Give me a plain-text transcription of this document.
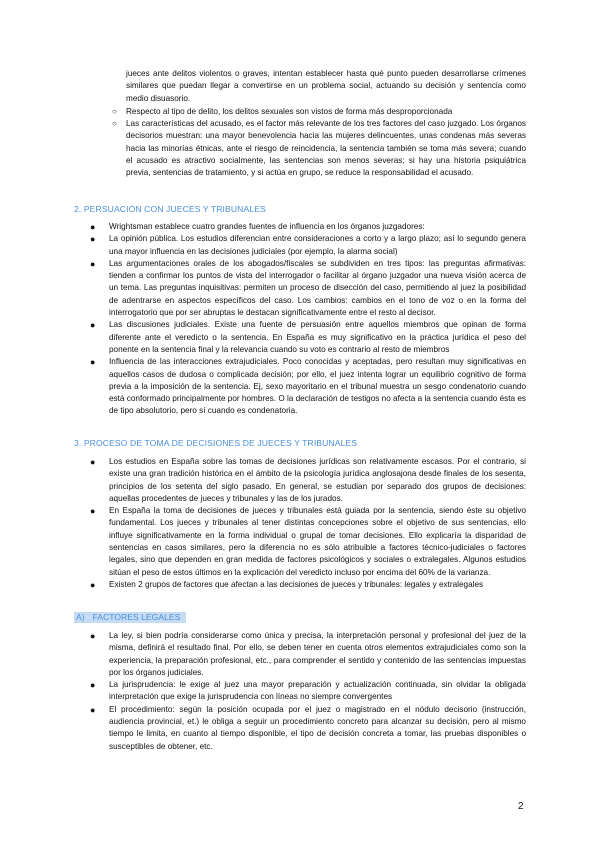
jueces ante delitos violentos o graves, intentan establecer hasta qué punto pueden desarrollarse crímenes similares que puedan llegar a convertirse en un problema social, actuando su decisión y sentencia como medio disuasorio.

○ Respecto al tipo de delito, los delitos sexuales son vistos de forma más desproporcionada

○ Las características del acusado, es el factor más relevante de los tres factores del caso juzgado. Los órganos decisorios muestran: una mayor benevolencia hacia las mujeres delincuentes, unas condenas más severas hacia las minorías étnicas, ante el riesgo de reincidencia, la sentencia también se toma más severa; cuando el acusado es atractivo socialmente, las sentencias son menos severas; si hay una historia psiquiátrica previa, sentencias de tratamiento, y si actúa en grupo, se reduce la responsabilidad el acusado.

2. PERSUACIÓN CON JUECES Y TRIBUNALES
● Wrightsman establece cuatro grandes fuentes de influencia en los órganos juzgadores:

● La opinión pública. Los estudios diferencian entre consideraciones a corto y a largo plazo; así lo segundo genera una mayor influencia en las decisiones judiciales (por ejemplo, la alarma social)

● Las argumentaciones orales de los abogados/fiscales se subdividen en tres tipos: las preguntas afirmativas: tienden a confirmar los puntos de vista del interrogador o facilitar al órgano juzgador una nueva visión acerca de un tema. Las preguntas inquisitivas: permiten un proceso de disección del caso, permitiendo al juez la posibilidad de adentrarse en aspectos específicos del caso. Los cambios: cambios en el tono de voz o en la forma del interrogatorio que por ser abruptas le destacan significativamente entre el resto al decisor.

● Las discusiones judiciales. Existe una fuente de persuasión entre aquellos miembros que opinan de forma diferente ante el veredicto o la sentencia. En España es muy significativo en la práctica jurídica el peso del ponente en la sentencia final y la relevancia cuando su voto es contrario al resto de miembros

● Influencia de las interacciones extrajudiciales. Poco conocidas y aceptadas, pero resultan muy significativas en aquellos casos de dudosa o complicada decisión; por ello, el juez intenta lograr un equilibrio cognitivo de forma previa a la imposición de la sentencia. Ej, sexo mayoritario en el tribunal muestra un sesgo condenatorio cuando está conformado principalmente por hombres. O la declaración de testigos no afecta a la sentencia cuando ésta es de tipo absolutorio, pero sí cuando es condenatoria.

3. PROCESO DE TOMA DE DECISIONES DE JUECES Y TRIBUNALES
● Los estudios en España sobre las tomas de decisiones jurídicas son relativamente escasos. Por el contrario, si existe una gran tradición histórica en el ámbito de la psicología jurídica anglosajona desde finales de los sesenta, principios de los setenta del siglo pasado. En general, se estudian por separado dos grupos de decisiones: aquellas procedentes de jueces y tribunales y las de los jurados.

● En España la toma de decisiones de jueces y tribunales está guiada por la sentencia, siendo éste su objetivo fundamental. Los jueces y tribunales al tener distintas concepciones sobre el objetivo de sus sentencias, ello influye significativamente en la forma individual o grupal de tomar decisiones. Ello explicaría la disparidad de sentencias en casos similares, pero la diferencia no es sólo atribuible a factores técnico-judiciales o factores legales, sino que dependen en gran medida de factores psicológicos y sociales o extralegales. Algunos estudios sitúan el peso de estos últimos en la explicación del veredicto incluso por encima del 60% de la varianza.

● Existen 2 grupos de factores que afectan a las decisiones de jueces y tribunales: legales y extralegales

A) FACTORES LEGALES
● La ley, si bien podría considerarse como única y precisa, la interpretación personal y profesional del juez de la misma, definirá el resultado final. Por ello, se deben tener en cuenta otros elementos extrajudiciales como son la experiencia, la preparación profesional, etc., para comprender el sentido y contenido de las sentencias impuestas por los órganos judiciales.

● La jurisprudencia: le exige al juez una mayor preparación y actualización continuada, sin olvidar la obligada interpretación que exige la jurisprudencia con líneas no siempre convergentes

● El procedimiento: según la posición ocupada por el juez o magistrado en el nódulo decisorio (instrucción, audiencia provincial, et.) le obliga a seguir un procedimiento concreto para alcanzar su decisión, pero al mismo tiempo le limita, en cuanto al tiempo disponible, el tipo de decisión concreta a tomar, las pruebas disponibles o susceptibles de obtener, etc.

2
